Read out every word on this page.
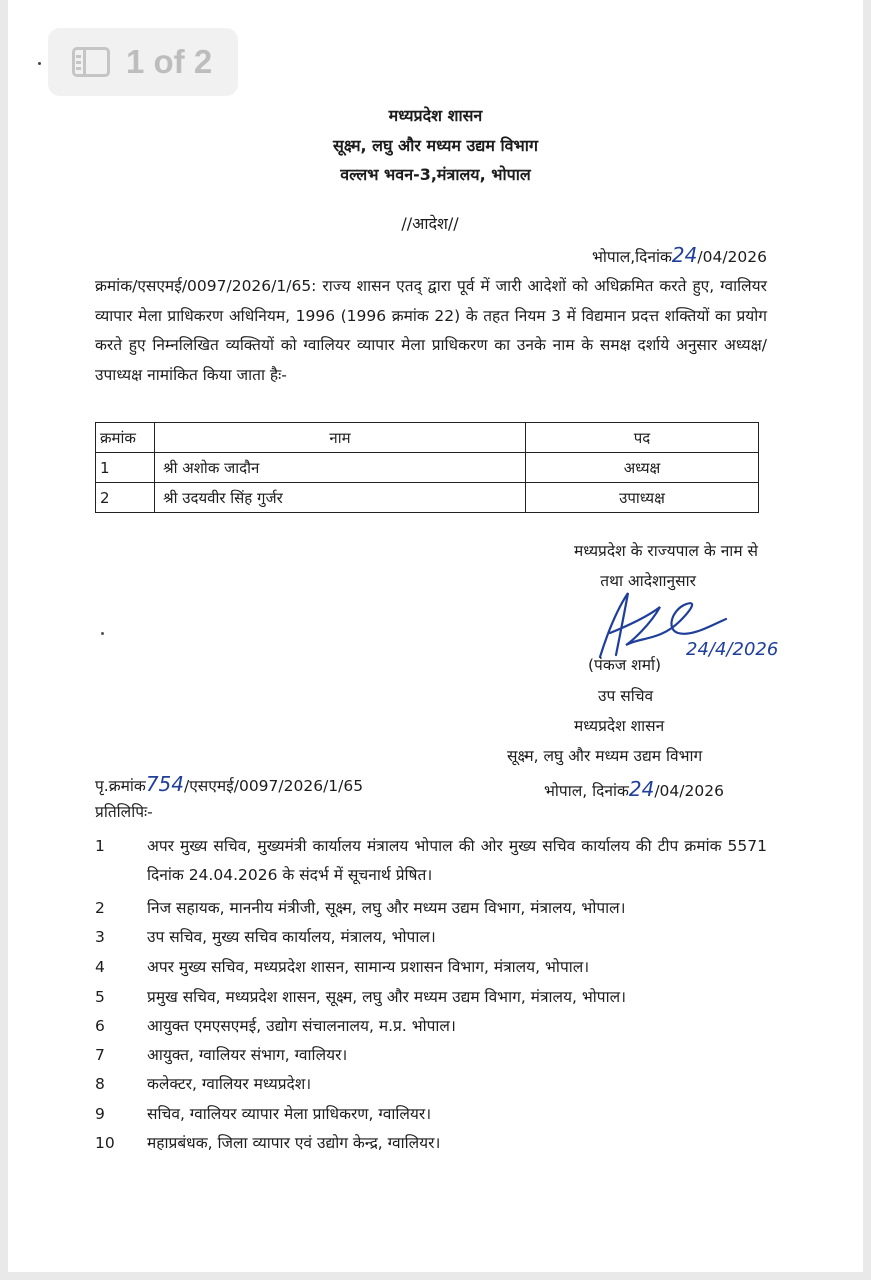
1 of 2
मध्यप्रदेश शासन
सूक्ष्म, लघु और मध्यम उद्यम विभाग
वल्लभ भवन-3,मंत्रालय, भोपाल
//आदेश//
भोपाल,दिनांक24/04/2026
क्रमांक/एसएमई/0097/2026/1/65: राज्य शासन एतद् द्वारा पूर्व में जारी आदेशों को अधिक्रमित करते हुए, ग्वालियर व्यापार मेला प्राधिकरण अधिनियम, 1996 (1996 क्रमांक 22) के तहत नियम 3 में विद्यमान प्रदत्त शक्तियों का प्रयोग करते हुए निम्नलिखित व्यक्तियों को ग्वालियर व्यापार मेला प्राधिकरण का उनके नाम के समक्ष दर्शाये अनुसार अध्यक्ष/उपाध्यक्ष नामांकित किया जाता हैः-
क्रमांक	नाम	पद
1	श्री अशोक जादौन	अध्यक्ष
2	श्री उदयवीर सिंह गुर्जर	उपाध्यक्ष
मध्यप्रदेश के राज्यपाल के नाम से
तथा आदेशानुसार
(पंकज शर्मा)
24/4/2026
उप सचिव
मध्यप्रदेश शासन
सूक्ष्म, लघु और मध्यम उद्यम विभाग
पृ.क्रमांक754/एसएमई/0097/2026/1/65	भोपाल, दिनांक24/04/2026
प्रतिलिपिः-
1	अपर मुख्य सचिव, मुख्यमंत्री कार्यालय मंत्रालय भोपाल की ओर मुख्य सचिव कार्यालय की टीप क्रमांक 5571 दिनांक 24.04.2026 के संदर्भ में सूचनार्थ प्रेषित।
2	निज सहायक, माननीय मंत्रीजी, सूक्ष्म, लघु और मध्यम उद्यम विभाग, मंत्रालय, भोपाल।
3	उप सचिव, मुख्य सचिव कार्यालय, मंत्रालय, भोपाल।
4	अपर मुख्य सचिव, मध्यप्रदेश शासन, सामान्य प्रशासन विभाग, मंत्रालय, भोपाल।
5	प्रमुख सचिव, मध्यप्रदेश शासन, सूक्ष्म, लघु और मध्यम उद्यम विभाग, मंत्रालय, भोपाल।
6	आयुक्त एमएसएमई, उद्योग संचालनालय, म.प्र. भोपाल।
7	आयुक्त, ग्वालियर संभाग, ग्वालियर।
8	कलेक्टर, ग्वालियर मध्यप्रदेश।
9	सचिव, ग्वालियर व्यापार मेला प्राधिकरण, ग्वालियर।
10 महाप्रबंधक, जिला व्यापार एवं उद्योग केन्द्र, ग्वालियर।
